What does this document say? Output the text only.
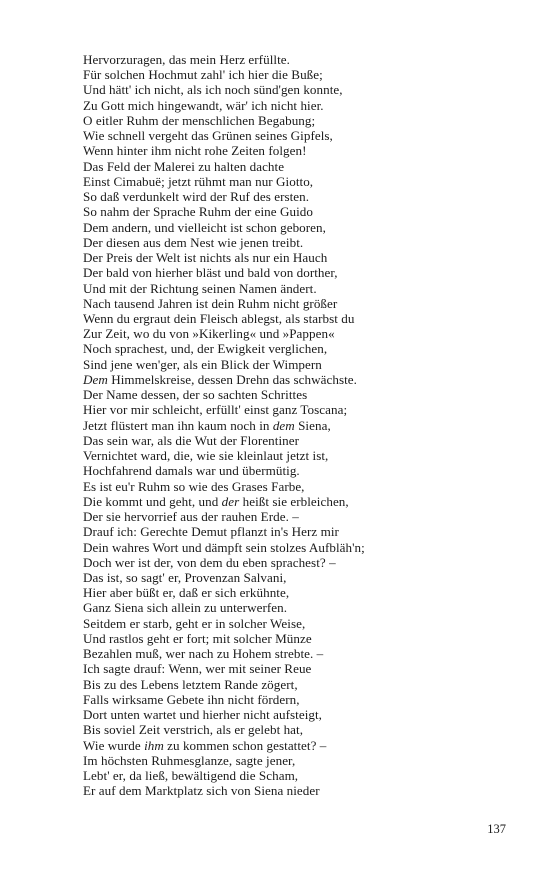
Hervorzuragen, das mein Herz erfüllte.
Für solchen Hochmut zahl' ich hier die Buße;
Und hätt' ich nicht, als ich noch sünd'gen konnte,
Zu Gott mich hingewandt, wär' ich nicht hier.
O eitler Ruhm der menschlichen Begabung;
Wie schnell vergeht das Grünen seines Gipfels,
Wenn hinter ihm nicht rohe Zeiten folgen!
Das Feld der Malerei zu halten dachte
Einst Cimabuë; jetzt rühmt man nur Giotto,
So daß verdunkelt wird der Ruf des ersten.
So nahm der Sprache Ruhm der eine Guido
Dem andern, und vielleicht ist schon geboren,
Der diesen aus dem Nest wie jenen treibt.
Der Preis der Welt ist nichts als nur ein Hauch
Der bald von hierher bläst und bald von dorther,
Und mit der Richtung seinen Namen ändert.
Nach tausend Jahren ist dein Ruhm nicht größer
Wenn du ergraut dein Fleisch ablegst, als starbst du
Zur Zeit, wo du von »Kikerling« und »Pappen«
Noch sprachest, und, der Ewigkeit verglichen,
Sind jene wen'ger, als ein Blick der Wimpern
Dem Himmelskreise, dessen Drehn das schwächste.
Der Name dessen, der so sachten Schrittes
Hier vor mir schleicht, erfüllt' einst ganz Toscana;
Jetzt flüstert man ihn kaum noch in dem Siena,
Das sein war, als die Wut der Florentiner
Vernichtet ward, die, wie sie kleinlaut jetzt ist,
Hochfahrend damals war und übermütig.
Es ist eu'r Ruhm so wie des Grases Farbe,
Die kommt und geht, und der heißt sie erbleichen,
Der sie hervorrief aus der rauhen Erde. –
Drauf ich: Gerechte Demut pflanzt in's Herz mir
Dein wahres Wort und dämpft sein stolzes Aufbläh'n;
Doch wer ist der, von dem du eben sprachest? –
Das ist, so sagt' er, Provenzan Salvani,
Hier aber büßt er, daß er sich erkühnte,
Ganz Siena sich allein zu unterwerfen.
Seitdem er starb, geht er in solcher Weise,
Und rastlos geht er fort; mit solcher Münze
Bezahlen muß, wer nach zu Hohem strebte. –
Ich sagte drauf: Wenn, wer mit seiner Reue
Bis zu des Lebens letztem Rande zögert,
Falls wirksame Gebete ihn nicht fördern,
Dort unten wartet und hierher nicht aufsteigt,
Bis soviel Zeit verstrich, als er gelebt hat,
Wie wurde ihm zu kommen schon gestattet? –
Im höchsten Ruhmesglanze, sagte jener,
Lebt' er, da ließ, bewältigend die Scham,
Er auf dem Marktplatz sich von Siena nieder
137
